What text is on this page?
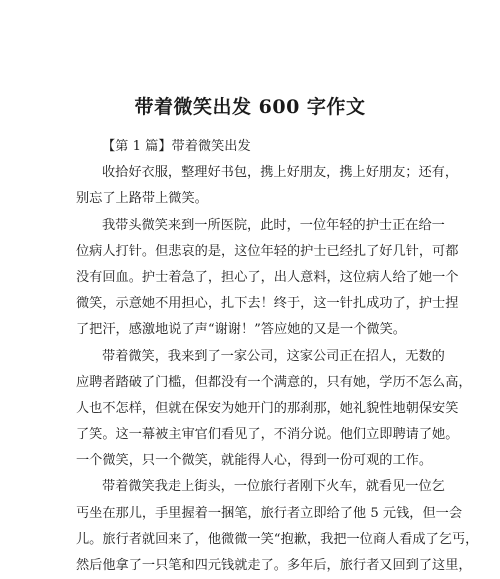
带着微笑出发 600 字作文
【第 1 篇】带着微笑出发
收拾好衣服，整理好书包，携上好朋友，携上好朋友；还有，
别忘了上路带上微笑。
我带头微笑来到一所医院，此时，一位年轻的护士正在给一
位病人打针。但悲哀的是，这位年轻的护士已经扎了好几针，可都
没有回血。护士着急了，担心了，出人意料，这位病人给了她一个
微笑，示意她不用担心，扎下去！终于，这一针扎成功了，护士捏
了把汗，感激地说了声“谢谢！”答应她的又是一个微笑。
带着微笑，我来到了一家公司，这家公司正在招人，无数的
应聘者踏破了门槛，但都没有一个满意的，只有她，学历不怎么高，
人也不怎样，但就在保安为她开门的那刹那，她礼貌性地朝保安笑
了笑。这一幕被主审官们看见了，不消分说。他们立即聘请了她。
一个微笑，只一个微笑，就能得人心，得到一份可观的工作。
带着微笑我走上街头，一位旅行者刚下火车，就看见一位乞
丐坐在那儿，手里握着一捆笔，旅行者立即给了他 5 元钱，但一会
儿。旅行者就回来了，他微微一笑“抱歉，我把一位商人看成了乞丐，
然后他拿了一只笔和四元钱就走了。多年后，旅行者又回到了这里，
